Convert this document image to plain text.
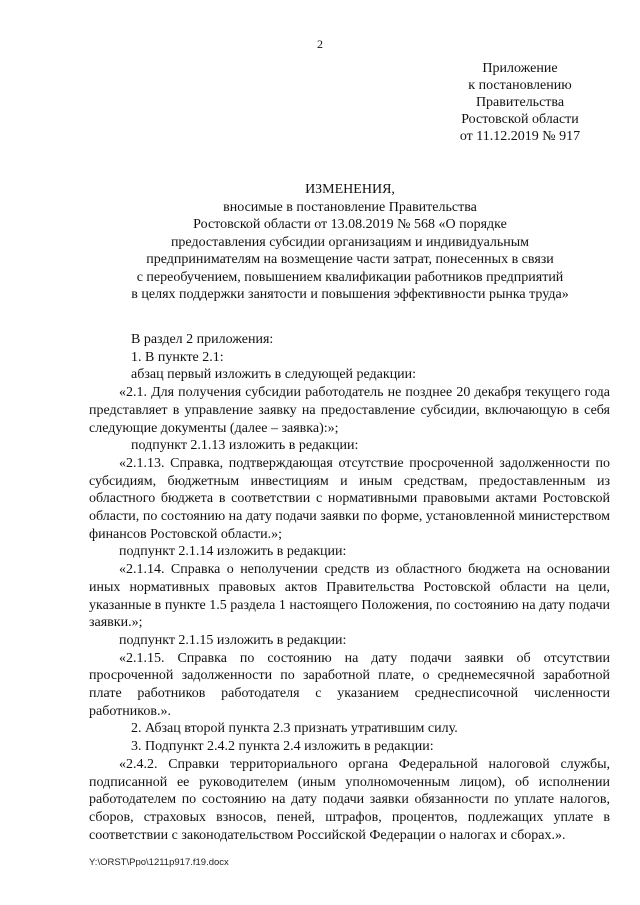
2
Приложение
к постановлению
Правительства
Ростовской области
от 11.12.2019 № 917
ИЗМЕНЕНИЯ,
вносимые в постановление Правительства
Ростовской области от 13.08.2019 № 568 «О порядке
предоставления субсидии организациям и индивидуальным
предпринимателям на возмещение части затрат, понесенных в связи
с переобучением, повышением квалификации работников предприятий
в целях поддержки занятости и повышения эффективности рынка труда»

В раздел 2 приложения:

1. В пункте 2.1:

абзац первый изложить в следующей редакции:

«2.1. Для получения субсидии работодатель не позднее 20 декабря текущего года представляет в управление заявку на предоставление субсидии, включающую в себя следующие документы (далее – заявка):»;

подпункт 2.1.13 изложить в редакции:

«2.1.13. Справка, подтверждающая отсутствие просроченной задолженности по субсидиям, бюджетным инвестициям и иным средствам, предоставленным из областного бюджета в соответствии с нормативными правовыми актами Ростовской области, по состоянию на дату подачи заявки по форме, установленной министерством финансов Ростовской области.»;

подпункт 2.1.14 изложить в редакции:

«2.1.14. Справка о неполучении средств из областного бюджета на основании иных нормативных правовых актов Правительства Ростовской области на цели, указанные в пункте 1.5 раздела 1 настоящего Положения, по состоянию на дату подачи заявки.»;

подпункт 2.1.15 изложить в редакции:

«2.1.15. Справка по состоянию на дату подачи заявки об отсутствии просроченной задолженности по заработной плате, о среднемесячной заработной плате работников работодателя с указанием среднесписочной численности работников.».

2. Абзац второй пункта 2.3 признать утратившим силу.

3. Подпункт 2.4.2 пункта 2.4 изложить в редакции:

«2.4.2. Справки территориального органа Федеральной налоговой службы, подписанной ее руководителем (иным уполномоченным лицом), об исполнении работодателем по состоянию на дату подачи заявки обязанности по уплате налогов, сборов, страховых взносов, пеней, штрафов, процентов, подлежащих уплате в соответствии с законодательством Российской Федерации о налогах и сборах.».

Y:\ORST\Ppo\1211p917.f19.docx
